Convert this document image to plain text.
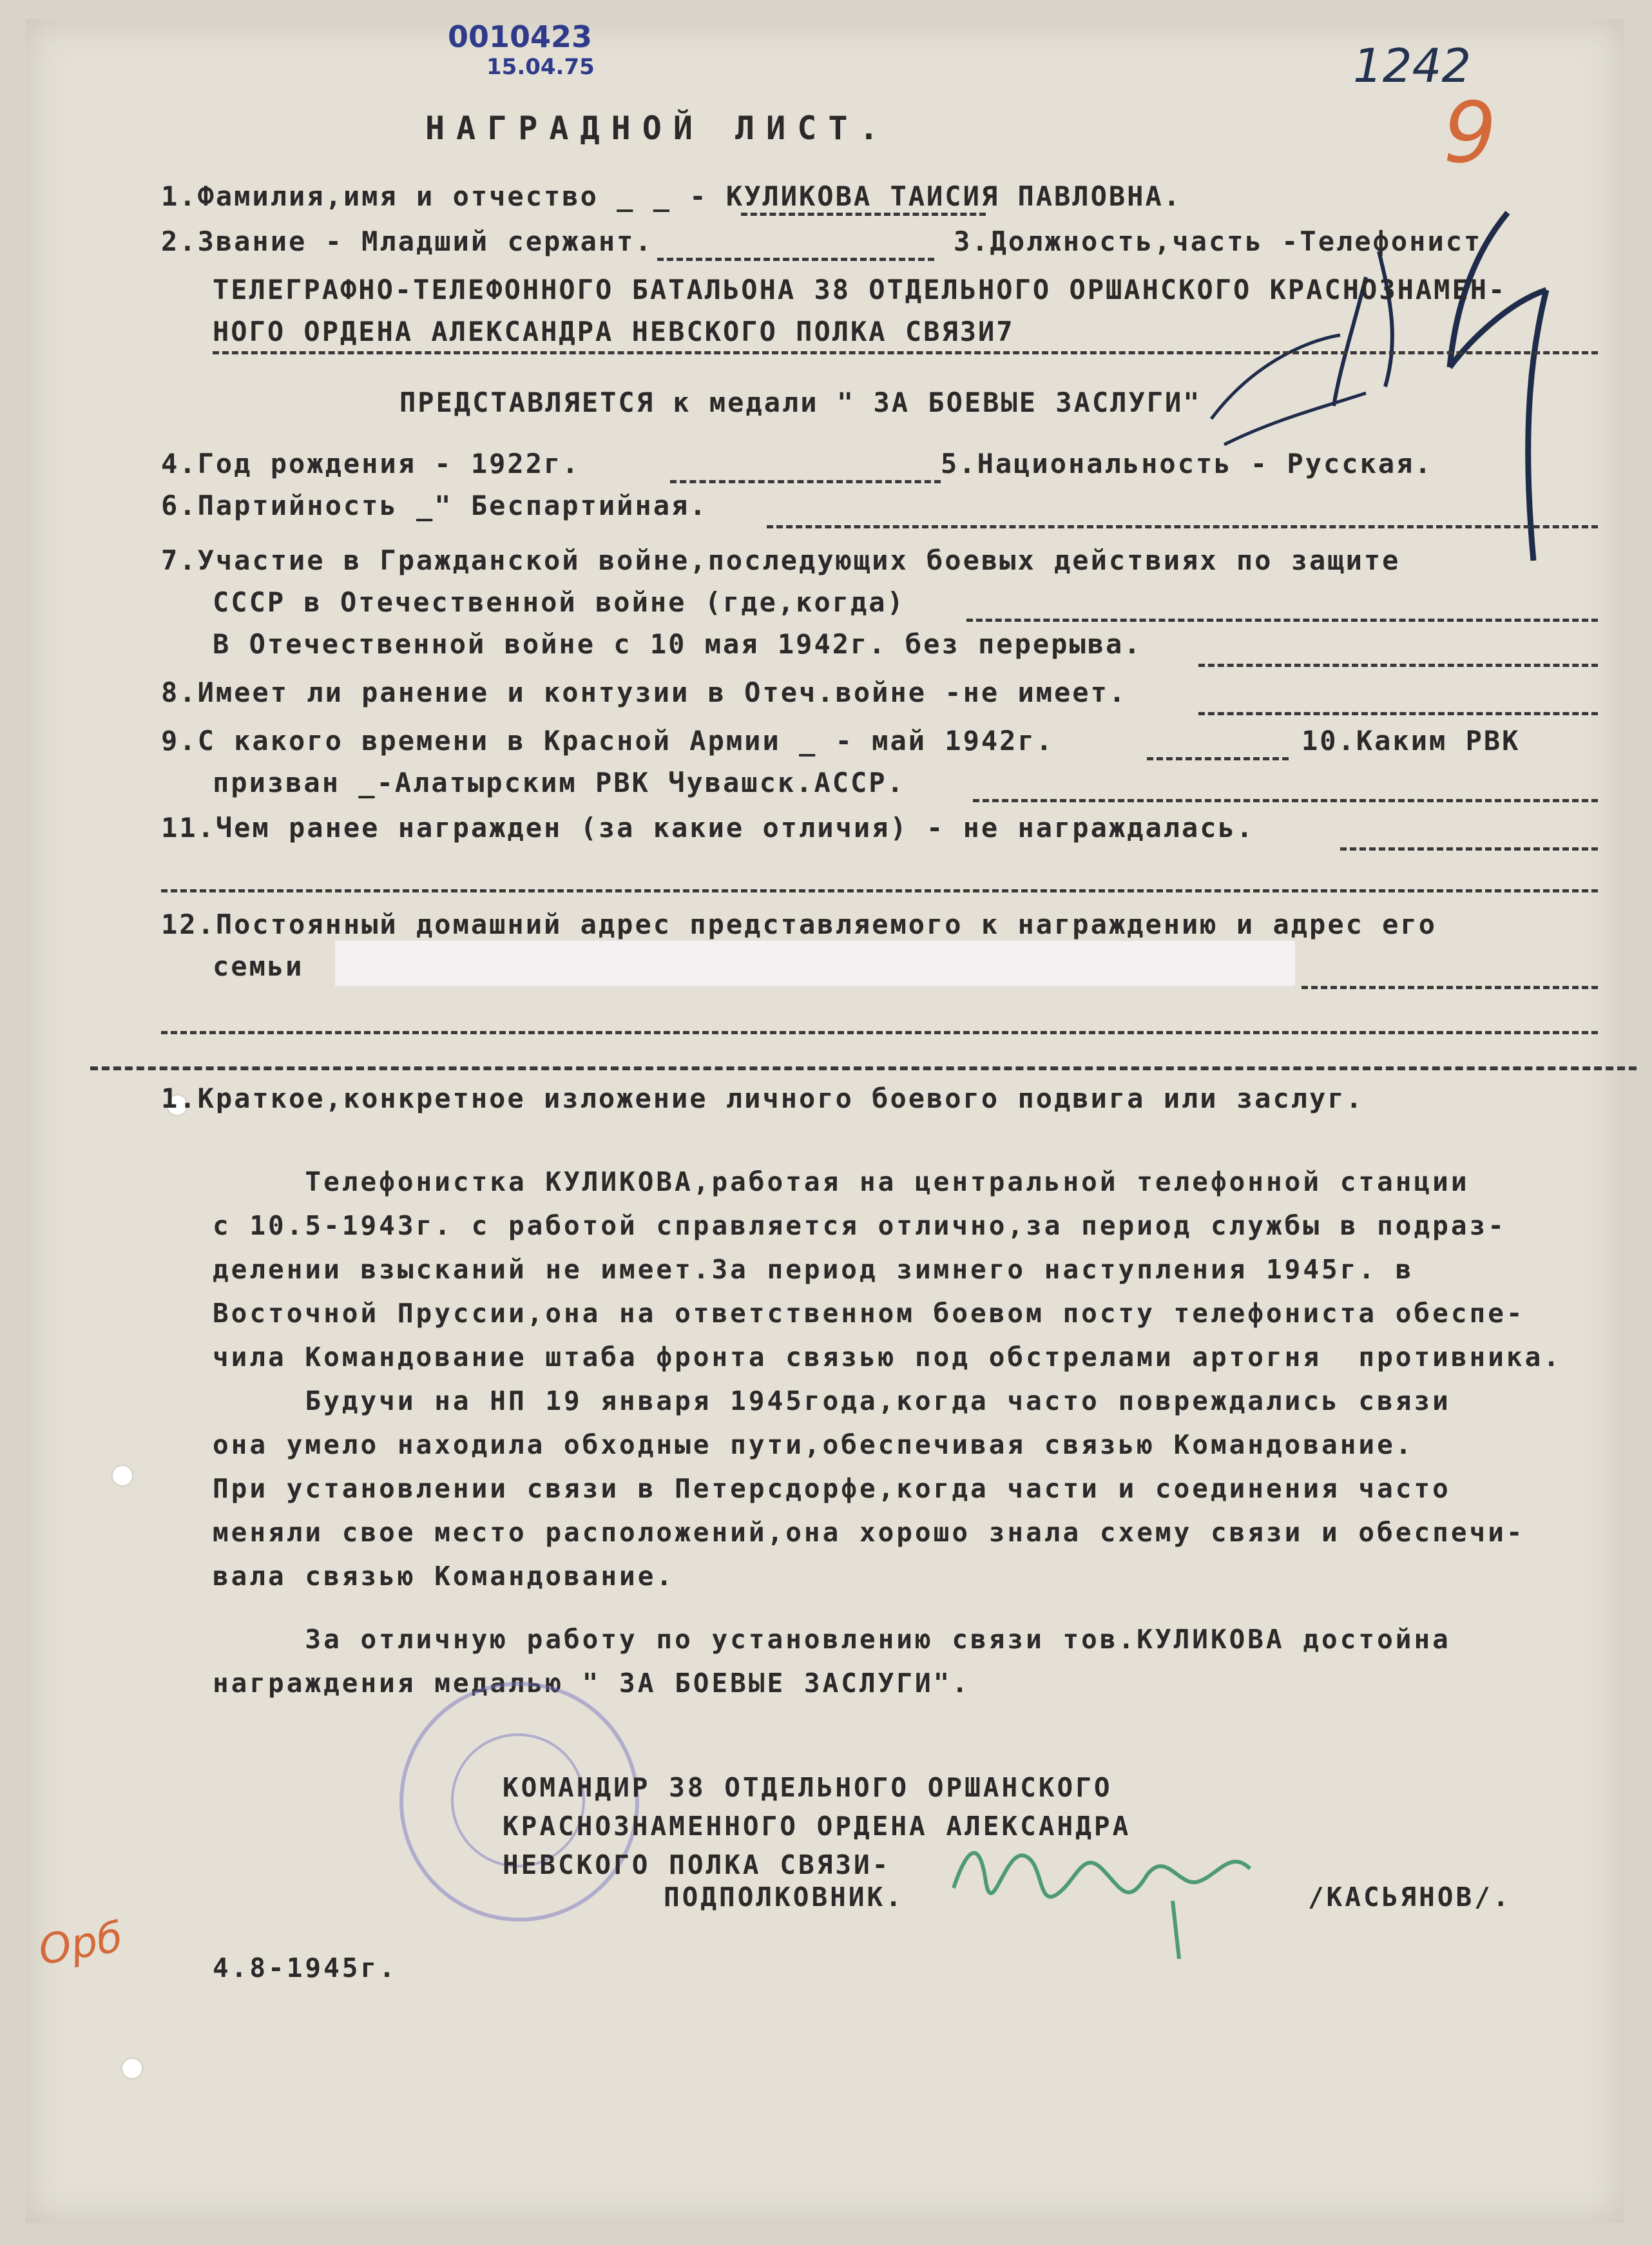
0010423
15.04.75	1242
9
НАГРАДНОЙ ЛИСТ.
1.Фамилия,имя и отчество _ _ - КУЛИКОВА ТАИСИЯ ПАВЛОВНА.
2.Звание - Младший сержант.	3.Должность,часть -Телефонист
ТЕЛЕГРАФНО-ТЕЛЕФОННОГО БАТАЛЬОНА 38 ОТДЕЛЬНОГО ОРШАНСКОГО КРАСНОЗНАМЕН-
НОГО ОРДЕНА АЛЕКСАНДРА НЕВСКОГО ПОЛКА СВЯЗИ7
ПРЕДСТАВЛЯЕТСЯ к медали " ЗА БОЕВЫЕ ЗАСЛУГИ"
4.Год рождения - 1922г.	5.Национальность - Русская.
6.Партийность _" Беспартийная.
7.Участие в Гражданской войне,последующих боевых действиях по защите
СССР в Отечественной войне (где,когда)
В Отечественной войне с 10 мая 1942г. без перерыва.
8.Имеет ли ранение и контузии в Отеч.войне -не имеет.
9.С какого времени в Красной Армии _ - май 1942г.	10.Каким РВК
призван _-Алатырским РВК Чувашск.АССР.
11.Чем ранее награжден (за какие отличия) - не награждалась.
12.Постоянный домашний адрес представляемого к награждению и адрес его
семьи
1.Краткое,конкретное изложение личного боевого подвига или заслуг.
Телефонистка КУЛИКОВА,работая на центральной телефонной станции
с 10.5-1943г. с работой справляется отлично,за период службы в подраз-
делении взысканий не имеет.За период зимнего наступления 1945г. в
Восточной Пруссии,она на ответственном боевом посту телефониста обеспе-
чила Командование штаба фронта связью под обстрелами артогня  противника.
Будучи на НП 19 января 1945года,когда часто повреждались связи
она умело находила обходные пути,обеспечивая связью Командование.
При установлении связи в Петерсдорфе,когда части и соединения часто
меняли свое место расположений,она хорошо знала схему связи и обеспечи-
вала связью Командование.
За отличную работу по установлению связи тов.КУЛИКОВА достойна
награждения медалью " ЗА БОЕВЫЕ ЗАСЛУГИ".
КОМАНДИР 38 ОТДЕЛЬНОГО ОРШАНСКОГО
КРАСНОЗНАМЕННОГО ОРДЕНА АЛЕКСАНДРА
НЕВСКОГО ПОЛКА СВЯЗИ-
ПОДПОЛКОВНИК.	/КАСЬЯНОВ/.
4.8-1945г.
Орб
